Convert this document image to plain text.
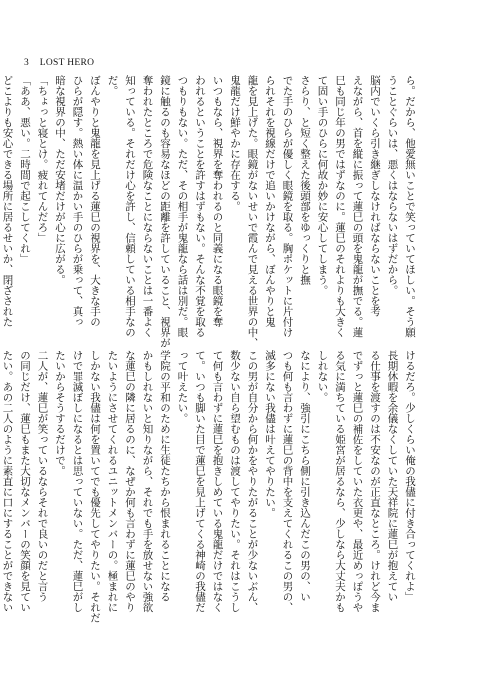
3 LOST HERO

ら。だから、他愛無いことで笑っていてほしい。そう願

うことぐらいは、悪くはならないはずだから。

脳内でいくら引き継ぎしなければならないことを考

えながら、首を縦に振って蓮巳の頭を鬼龍が撫でる。蓮

巳も同じ年の男ではずなのに。蓮巳のそれよりも大きく

て固い手のひらに何故か妙に安心してしまう。

さらり、と短く整えた後頭部をゆっくりと撫

でた手のひらが優しく眼鏡を取る。胸ポケットに片付け

られそれを視線だけで追いかけながら、ぼんやりと鬼

龍を見上げた。眼鏡がないせいで霞んで見える世界の中、

鬼龍だけ鮮やかに存在する。

いつもなら、視界を奪われるのと同義になる眼鏡を奪

われるということを許すはずもない。そんな不覚を取る

つもりもない。ただ、その相手が鬼龍なら話は別だ。眼

鏡に触るのも容易なほどの距離を許していること、視界が

奪われたところで危険なことにならないことは一番よく

知っている。それだけ心を許し、信頼している相手なの

だ。

ぼんやりと鬼龍を見上げる蓮巳の視界を、大きな手の

ひらが隠す。熱い体に温かい手のひらが乗って、真っ

暗な視界の中、ただ安堵だけが心に広がる。

「ちょっと寝とけ。疲れてんだろ」

「ああ、悪い。二時間で起こしてくれ」

どこよりも安心できる場所に居るせいか、閉ざされた

けるだろ。少しくらい俺の我儘に付き合ってくれよ」

長期休暇を余儀なくしていた天祥院に蓮巳が抱えてい

る仕事を渡すのは不安なのが正直なところ。けれど今ま

でずっと蓮巳の補佐をしていた衣更や、最近めっぽうや

る気に満ちている姫宮が居るなら、少しなら大丈夫かも

しれない。

なにより、強引にこちら側に引き込んだこの男の、い

つも何も言わずに蓮巳の背中を支えてくれるこの男の、

滅多にない我儘は叶えてやりたい。

この男が自分から何かをやりたがることが少ないぶん、

数少ない自ら望むものは渡してやりたい。それはこうし

て何も言わずに蓮巳を抱きしめている鬼龍だけではなく

て。いつも脚いた目で蓮巳を見上げてくる神崎の我儘だ

って叶えたい。

学院の平和のために生徒たちから恨まれることになる

かもしれないと知りながら、それでも手を放せない強欲

な蓮巳の隣に居るのに、なぜか何も言わずに蓮巳のやり

たいようにさせてくれるユニットメンバーの。極まれに

しかない我儘は何を置いてでも優先してやりたい。それだ

けで罪滅ぼしになるとは思っていない。ただ、蓮巳がし

たいからそうするだけで。

二人が、蓮巳が笑っているならそれで良いのだと言う

の同じだけ、蓮巳もまた大切なメンバーの笑顔を見てい

たい。あの二人のように素直に口にすることができない
